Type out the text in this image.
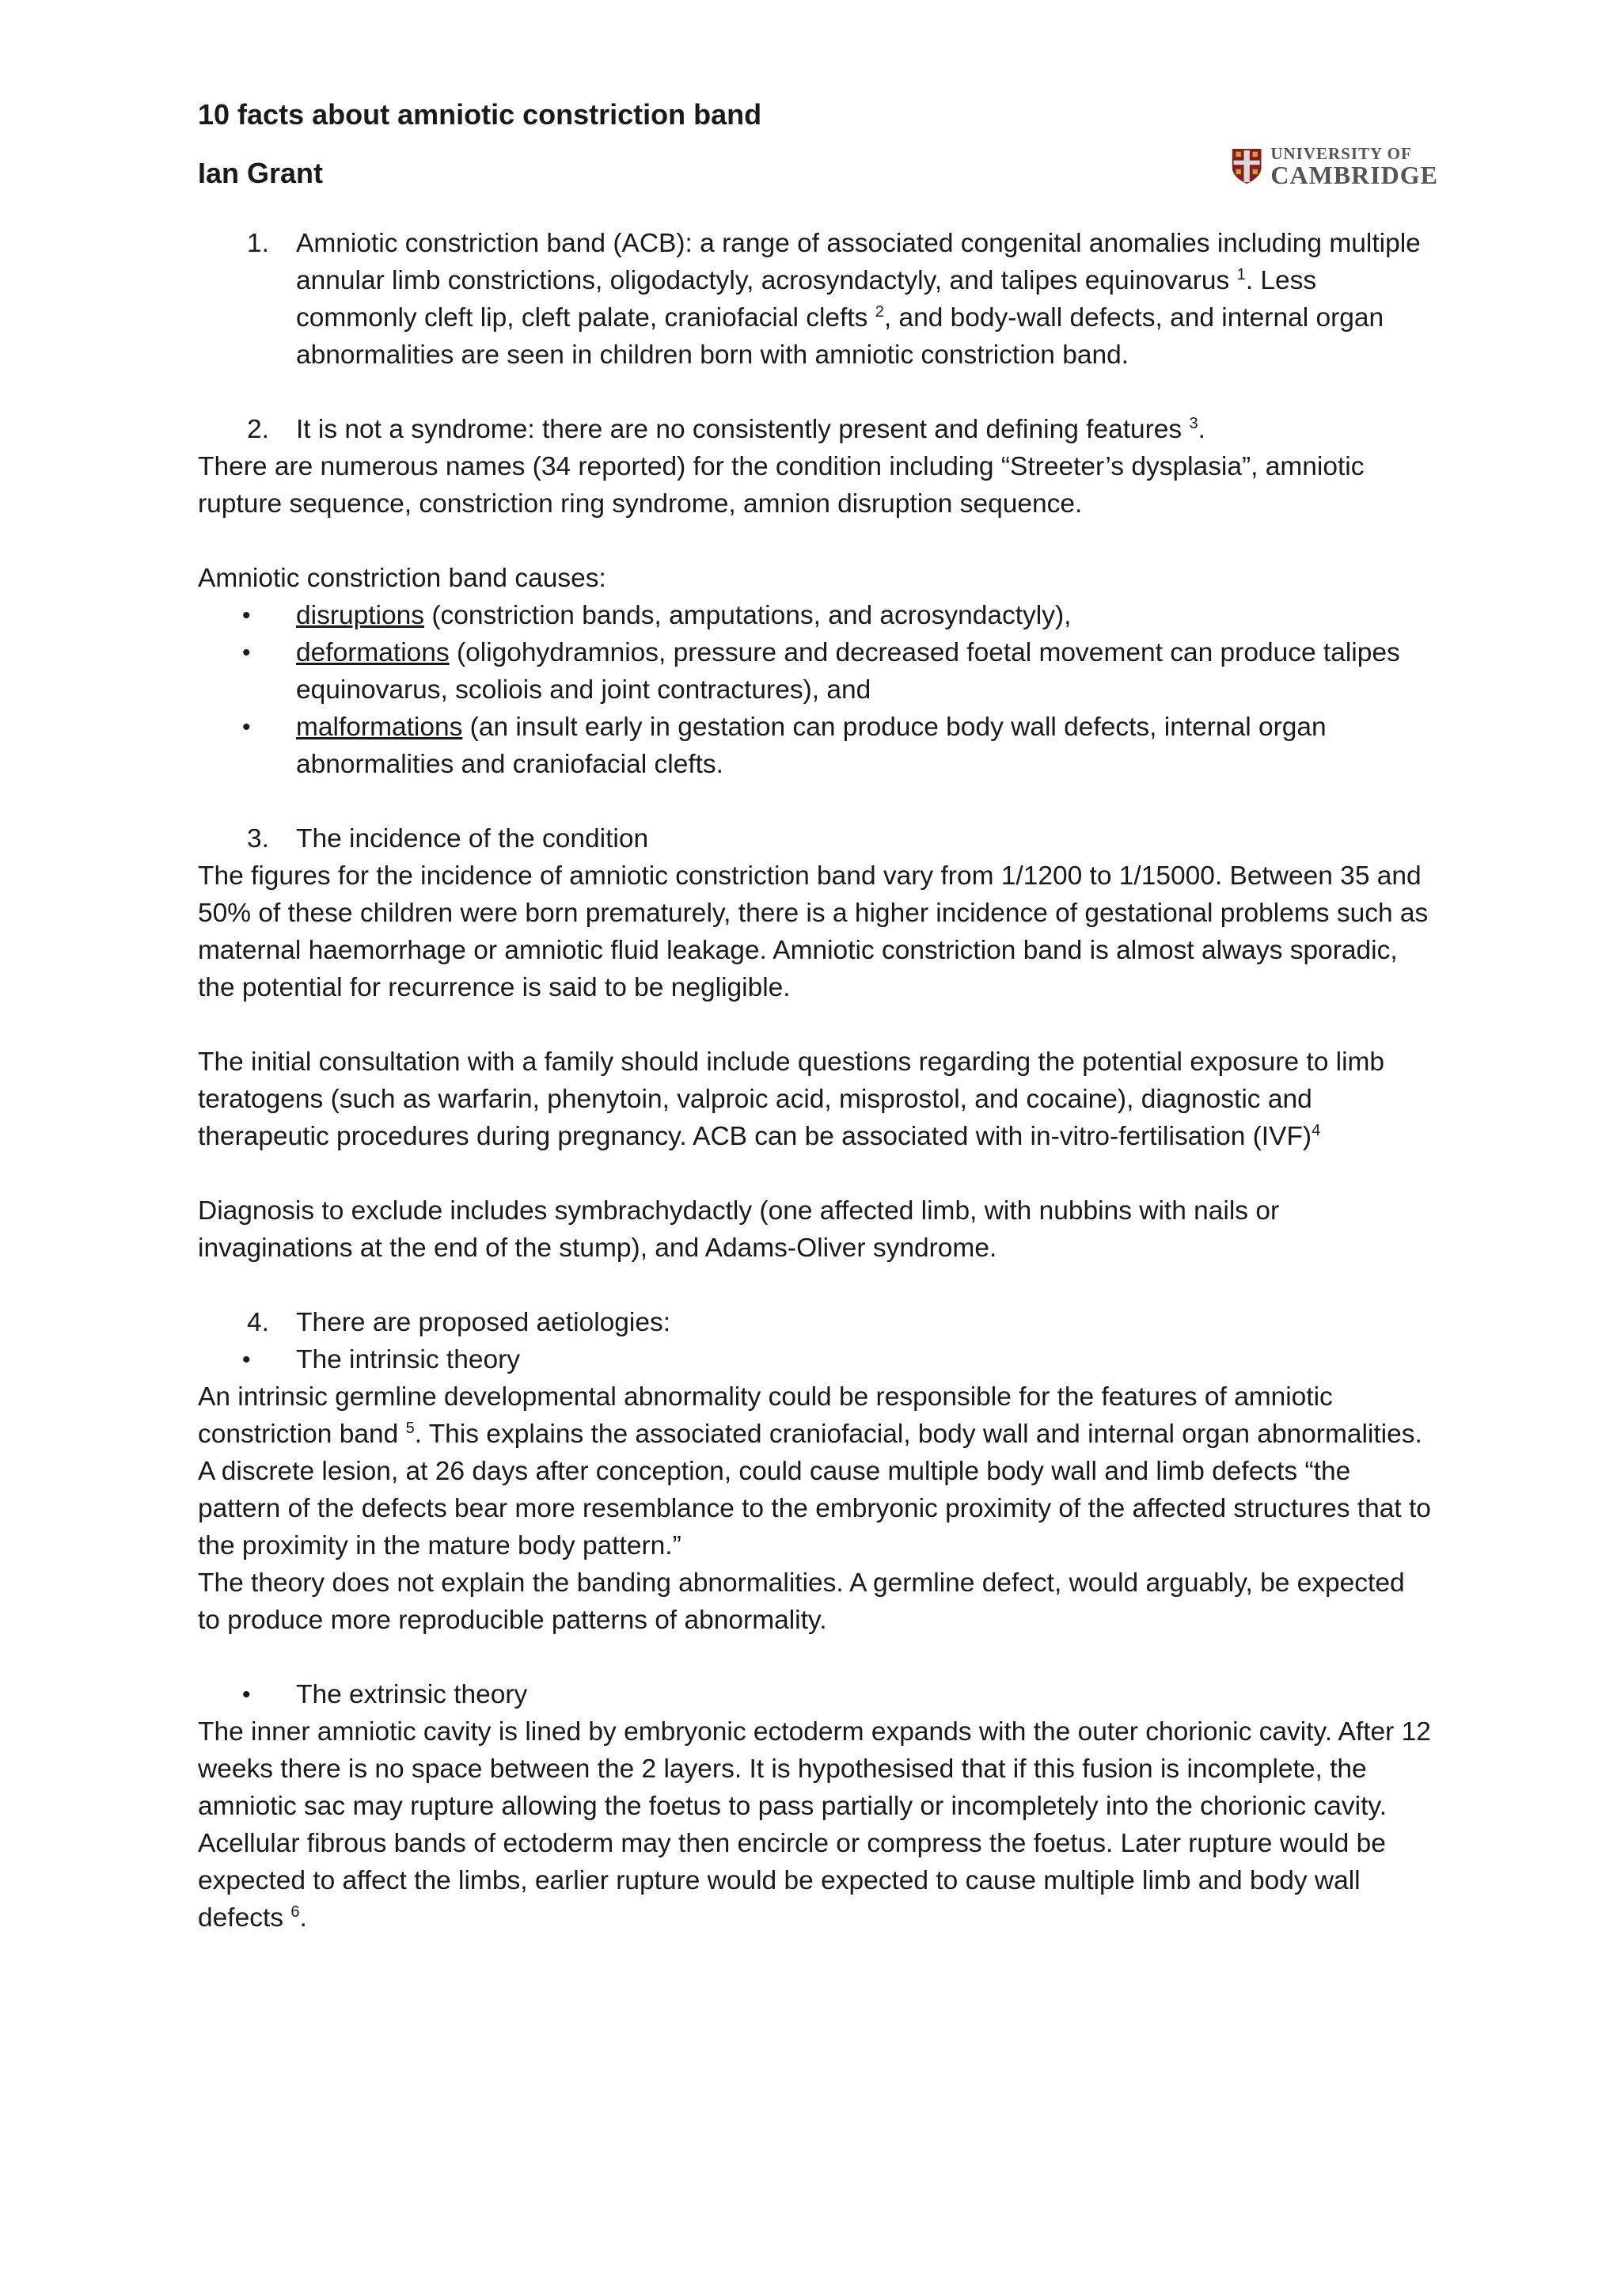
UNIVERSITY OF
CAMBRIDGE

10 facts about amniotic constriction band

Ian Grant

1.	Amniotic constriction band (ACB): a range of associated congenital anomalies including multiple annular limb constrictions, oligodactyly, acrosyndactyly, and talipes equinovarus $^1$. Less commonly cleft lip, cleft palate, craniofacial clefts $^2$, and body-wall defects, and internal organ abnormalities are seen in children born with amniotic constriction band.
2.	It is not a syndrome: there are no consistently present and defining features $^3$.

There are numerous names (34 reported) for the condition including “Streeter’s dysplasia”, amniotic rupture sequence, constriction ring syndrome, amnion disruption sequence.

Amniotic constriction band causes:

•	disruptions (constriction bands, amputations, and acrosyndactyly),
•	deformations (oligohydramnios, pressure and decreased foetal movement can produce talipes equinovarus, scoliois and joint contractures), and
•	malformations (an insult early in gestation can produce body wall defects, internal organ abnormalities and craniofacial clefts.
3.	The incidence of the condition

The figures for the incidence of amniotic constriction band vary from 1/1200 to 1/15000. Between 35 and 50% of these children were born prematurely, there is a higher incidence of gestational problems such as maternal haemorrhage or amniotic fluid leakage. Amniotic constriction band is almost always sporadic, the potential for recurrence is said to be negligible.

The initial consultation with a family should include questions regarding the potential exposure to limb teratogens (such as warfarin, phenytoin, valproic acid, misprostol, and cocaine), diagnostic and therapeutic procedures during pregnancy. ACB can be associated with in-vitro-fertilisation (IVF)$^4$

Diagnosis to exclude includes symbrachydactly (one affected limb, with nubbins with nails or invaginations at the end of the stump), and Adams-Oliver syndrome.

4.	There are proposed aetiologies:
•	The intrinsic theory

An intrinsic germline developmental abnormality could be responsible for the features of amniotic constriction band $^5$. This explains the associated craniofacial, body wall and internal organ abnormalities. A discrete lesion, at 26 days after conception, could cause multiple body wall and limb defects “the pattern of the defects bear more resemblance to the embryonic proximity of the affected structures that to the proximity in the mature body pattern.”

The theory does not explain the banding abnormalities. A germline defect, would arguably, be expected to produce more reproducible patterns of abnormality.

•	The extrinsic theory

The inner amniotic cavity is lined by embryonic ectoderm expands with the outer chorionic cavity. After 12 weeks there is no space between the 2 layers. It is hypothesised that if this fusion is incomplete, the amniotic sac may rupture allowing the foetus to pass partially or incompletely into the chorionic cavity. Acellular fibrous bands of ectoderm may then encircle or compress the foetus. Later rupture would be expected to affect the limbs, earlier rupture would be expected to cause multiple limb and body wall defects $^6$.
